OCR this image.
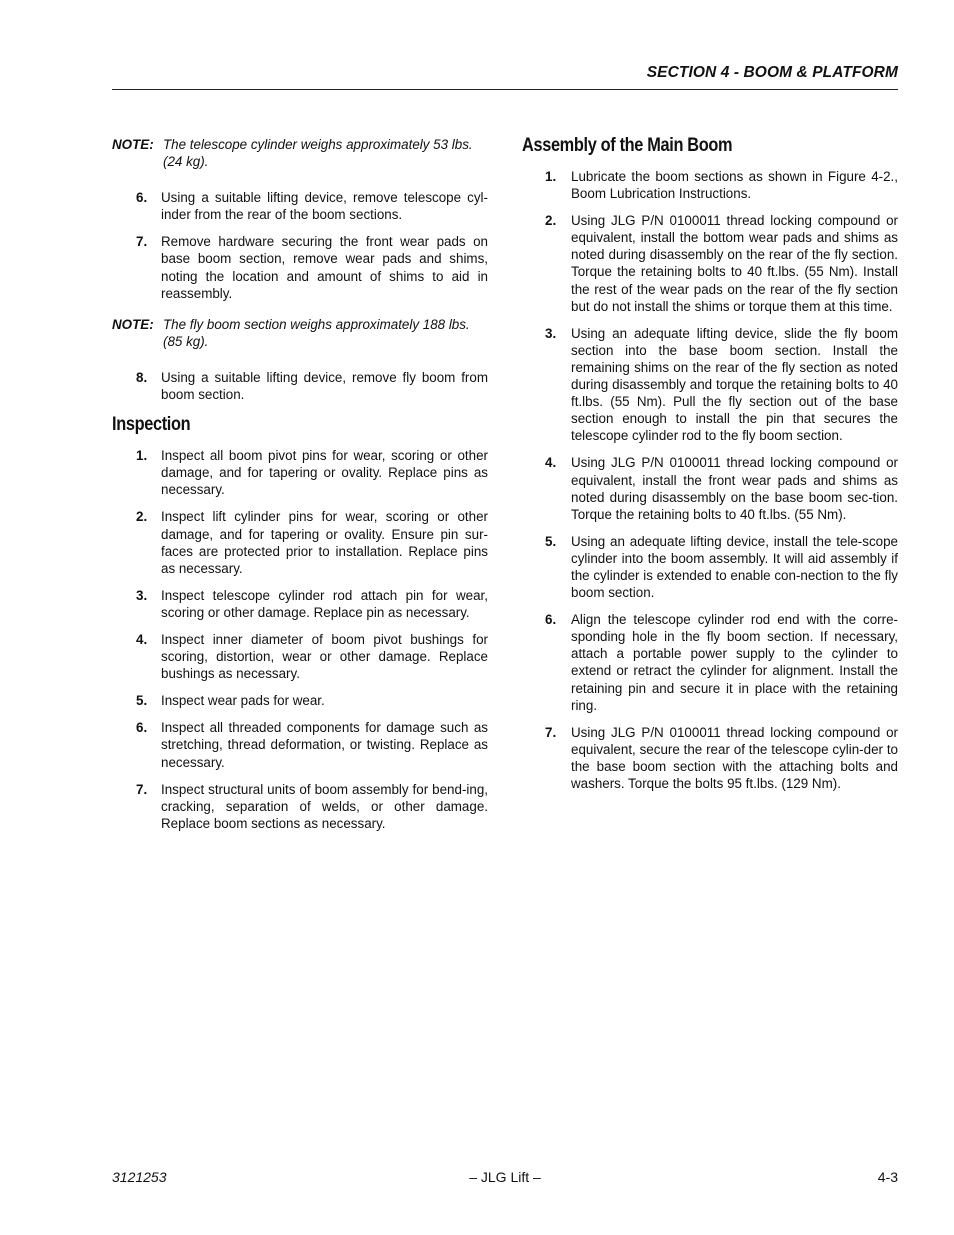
SECTION 4 - BOOM & PLATFORM
NOTE: The telescope cylinder weighs approximately 53 lbs. (24 kg).
6. Using a suitable lifting device, remove telescope cyl-inder from the rear of the boom sections.
7. Remove hardware securing the front wear pads on base boom section, remove wear pads and shims, noting the location and amount of shims to aid in reassembly.
NOTE: The fly boom section weighs approximately 188 lbs. (85 kg).
8. Using a suitable lifting device, remove fly boom from boom section.
Inspection
1. Inspect all boom pivot pins for wear, scoring or other damage, and for tapering or ovality. Replace pins as necessary.
2. Inspect lift cylinder pins for wear, scoring or other damage, and for tapering or ovality. Ensure pin sur-faces are protected prior to installation. Replace pins as necessary.
3. Inspect telescope cylinder rod attach pin for wear, scoring or other damage. Replace pin as necessary.
4. Inspect inner diameter of boom pivot bushings for scoring, distortion, wear or other damage. Replace bushings as necessary.
5. Inspect wear pads for wear.
6. Inspect all threaded components for damage such as stretching, thread deformation, or twisting. Replace as necessary.
7. Inspect structural units of boom assembly for bend-ing, cracking, separation of welds, or other damage. Replace boom sections as necessary.
Assembly of the Main Boom
1. Lubricate the boom sections as shown in Figure 4-2., Boom Lubrication Instructions.
2. Using JLG P/N 0100011 thread locking compound or equivalent, install the bottom wear pads and shims as noted during disassembly on the rear of the fly section. Torque the retaining bolts to 40 ft.lbs. (55 Nm). Install the rest of the wear pads on the rear of the fly section but do not install the shims or torque them at this time.
3. Using an adequate lifting device, slide the fly boom section into the base boom section. Install the remaining shims on the rear of the fly section as noted during disassembly and torque the retaining bolts to 40 ft.lbs. (55 Nm). Pull the fly section out of the base section enough to install the pin that secures the telescope cylinder rod to the fly boom section.
4. Using JLG P/N 0100011 thread locking compound or equivalent, install the front wear pads and shims as noted during disassembly on the base boom sec-tion. Torque the retaining bolts to 40 ft.lbs. (55 Nm).
5. Using an adequate lifting device, install the tele-scope cylinder into the boom assembly. It will aid assembly if the cylinder is extended to enable con-nection to the fly boom section.
6. Align the telescope cylinder rod end with the corre-sponding hole in the fly boom section. If necessary, attach a portable power supply to the cylinder to extend or retract the cylinder for alignment. Install the retaining pin and secure it in place with the retaining ring.
7. Using JLG P/N 0100011 thread locking compound or equivalent, secure the rear of the telescope cylin-der to the base boom section with the attaching bolts and washers. Torque the bolts 95 ft.lbs. (129 Nm).
3121253	– JLG Lift –	4-3
